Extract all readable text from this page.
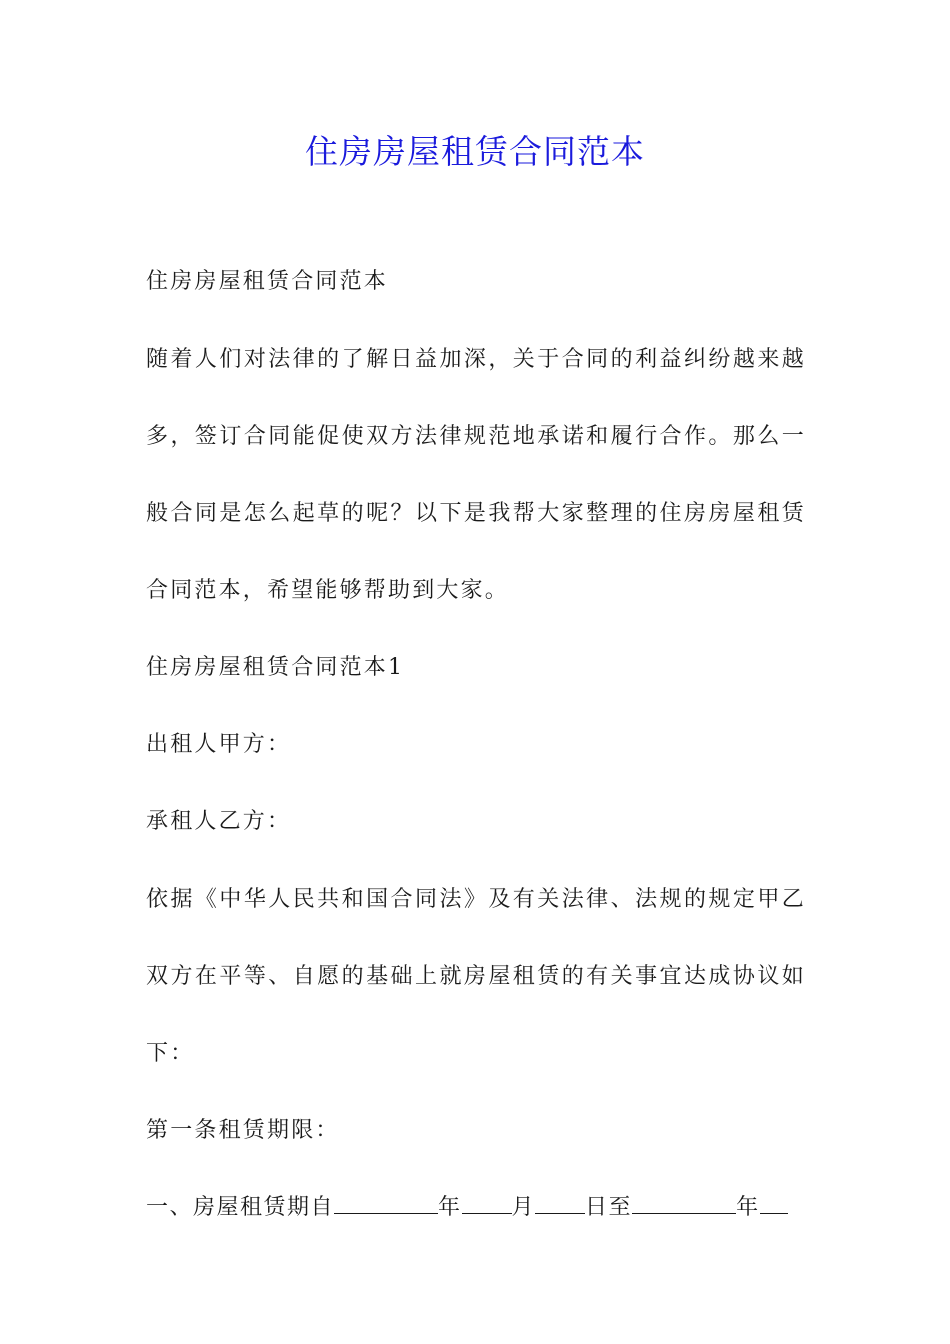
住房房屋租赁合同范本

住房房屋租赁合同范本

随着人们对法律的了解日益加深，关于合同的利益纠纷越来越多，签订合同能促使双方法律规范地承诺和履行合作。那么一般合同是怎么起草的呢？以下是我帮大家整理的住房房屋租赁合同范本，希望能够帮助到大家。

住房房屋租赁合同范本1

出租人甲方：

承租人乙方：

依据《中华人民共和国合同法》及有关法律、法规的规定甲乙双方在平等、自愿的基础上就房屋租赁的有关事宜达成协议如下：

第一条租赁期限：

一、房屋租赁期自	年 月 日至	年
